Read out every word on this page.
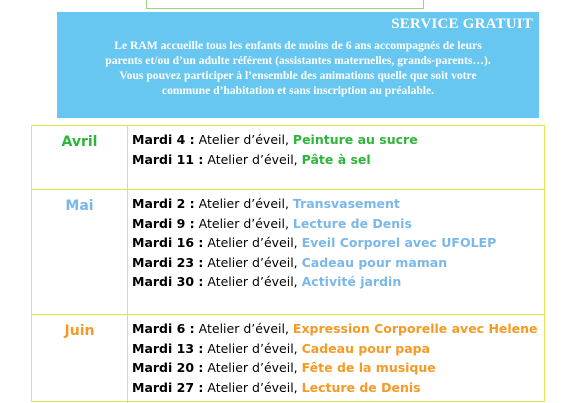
SERVICE GRATUIT
Le RAM accueille tous les enfants de moins de 6 ans accompagnés de leurs
parents et/ou d’un adulte référent (assistantes maternelles, grands-parents…).
Vous pouvez participer à l’ensemble des animations quelle que soit votre
commune d’habitation et sans inscription au préalable.
Avril	Mardi 4 : Atelier d’éveil, Peinture au sucre
Mardi 11 : Atelier d’éveil, Pâte à sel
Mai	Mardi 2 : Atelier d’éveil, Transvasement
Mardi 9 : Atelier d’éveil, Lecture de Denis
Mardi 16 : Atelier d’éveil, Eveil Corporel avec UFOLEP
Mardi 23 : Atelier d’éveil, Cadeau pour maman
Mardi 30 : Atelier d’éveil, Activité jardin
Juin	Mardi 6 : Atelier d’éveil, Expression Corporelle avec Helene
Mardi 13 : Atelier d’éveil, Cadeau pour papa
Mardi 20 : Atelier d’éveil, Fête de la musique
Mardi 27 : Atelier d’éveil, Lecture de Denis
